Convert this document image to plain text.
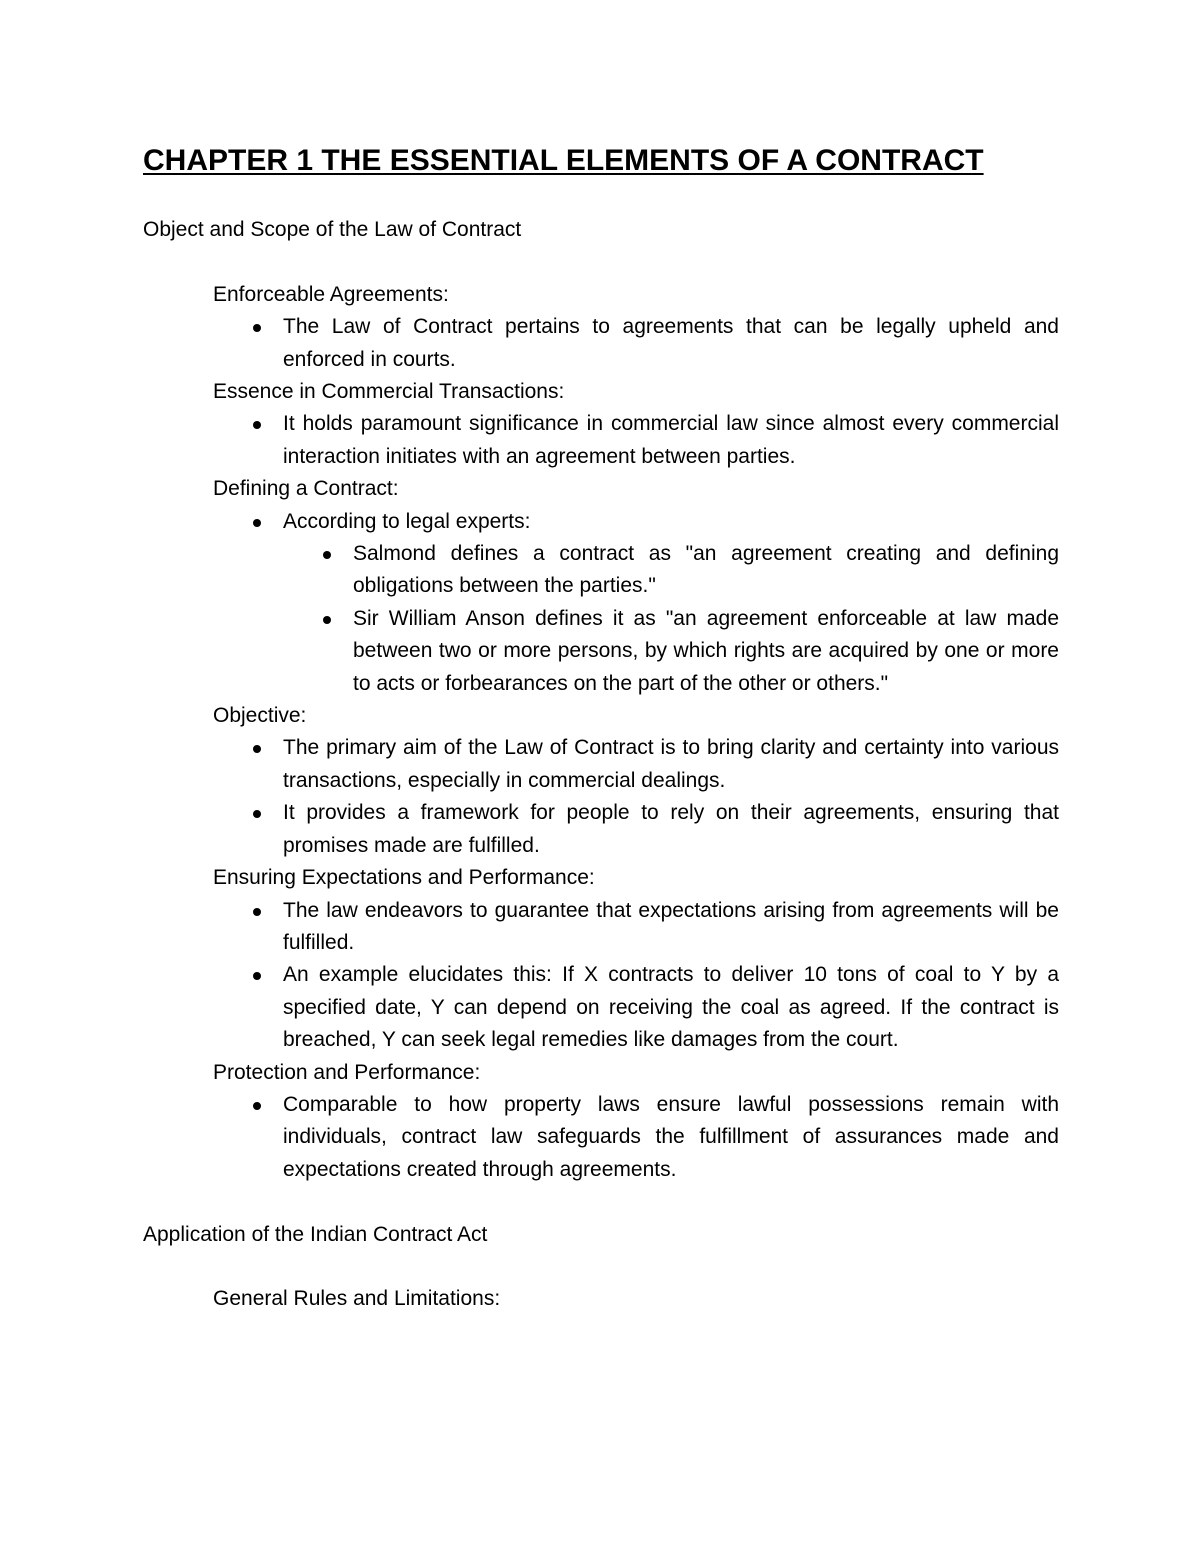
CHAPTER 1 THE ESSENTIAL ELEMENTS OF A CONTRACT

Object and Scope of the Law of Contract

Enforceable Agreements:

The Law of Contract pertains to agreements that can be legally upheld and enforced in courts.

Essence in Commercial Transactions:

It holds paramount significance in commercial law since almost every commercial interaction initiates with an agreement between parties.

Defining a Contract:

According to legal experts:
Salmond defines a contract as "an agreement creating and defining obligations between the parties."
Sir William Anson defines it as "an agreement enforceable at law made between two or more persons, by which rights are acquired by one or more to acts or forbearances on the part of the other or others."

Objective:

The primary aim of the Law of Contract is to bring clarity and certainty into various transactions, especially in commercial dealings.
It provides a framework for people to rely on their agreements, ensuring that promises made are fulfilled.

Ensuring Expectations and Performance:

The law endeavors to guarantee that expectations arising from agreements will be fulfilled.
An example elucidates this: If X contracts to deliver 10 tons of coal to Y by a specified date, Y can depend on receiving the coal as agreed. If the contract is breached, Y can seek legal remedies like damages from the court.

Protection and Performance:

Comparable to how property laws ensure lawful possessions remain with individuals, contract law safeguards the fulfillment of assurances made and expectations created through agreements.

Application of the Indian Contract Act

General Rules and Limitations:
